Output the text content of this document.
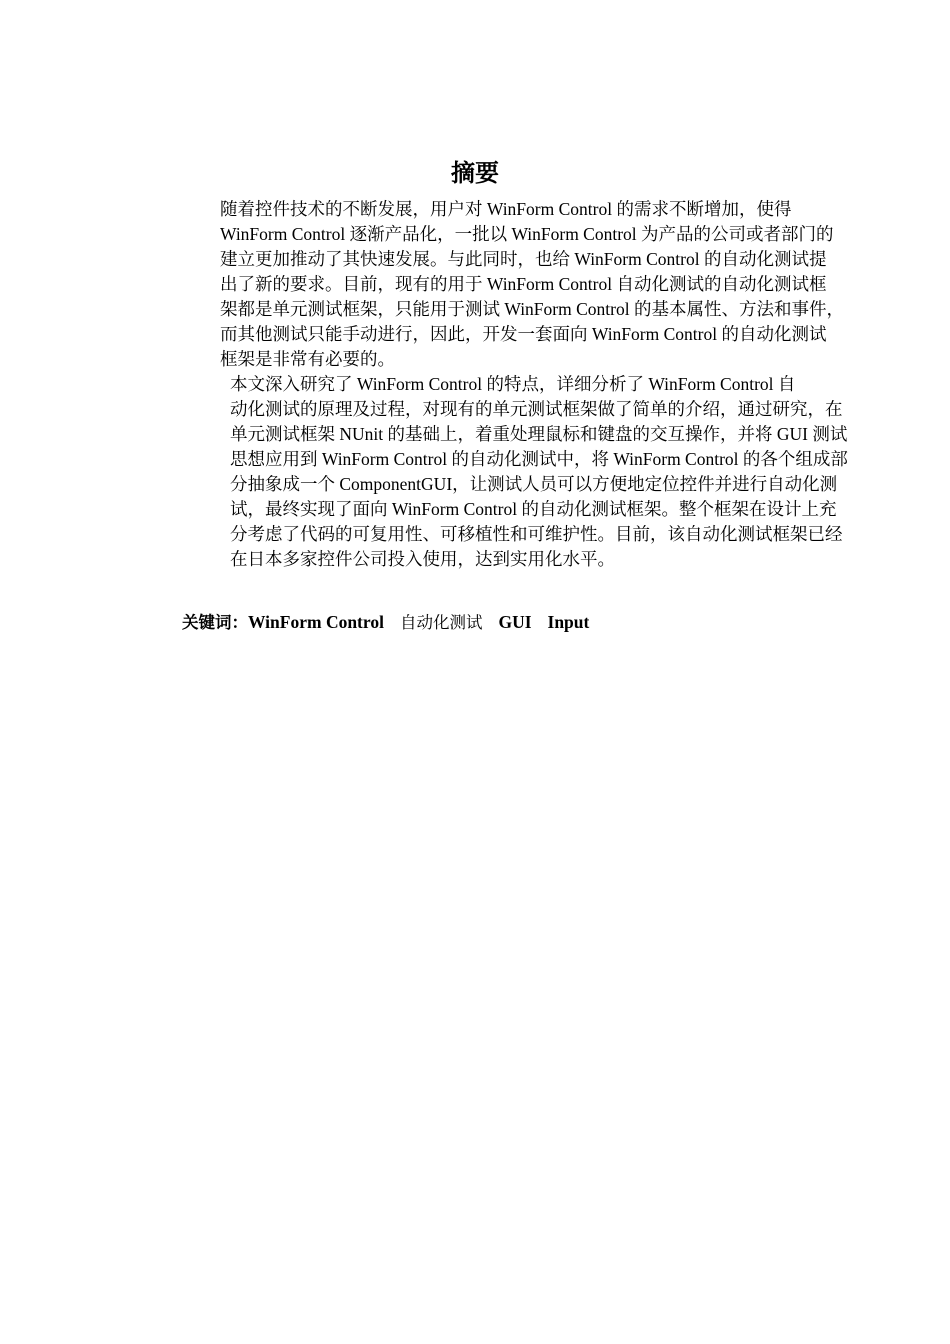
摘要

随着控件技术的不断发展，用户对 WinForm Control 的需求不断增加，使得
WinForm Control 逐渐产品化，一批以 WinForm Control 为产品的公司或者部门的
建立更加推动了其快速发展。与此同时，也给 WinForm Control 的自动化测试提
出了新的要求。目前，现有的用于 WinForm Control 自动化测试的自动化测试框
架都是单元测试框架，只能用于测试 WinForm Control 的基本属性、方法和事件，
而其他测试只能手动进行，因此，开发一套面向 WinForm Control 的自动化测试
框架是非常有必要的。

本文深入研究了 WinForm Control 的特点，详细分析了 WinForm Control 自
动化测试的原理及过程，对现有的单元测试框架做了简单的介绍，通过研究，在
单元测试框架 NUnit 的基础上，着重处理鼠标和键盘的交互操作，并将 GUI 测试
思想应用到 WinForm Control 的自动化测试中，将 WinForm Control 的各个组成部
分抽象成一个 ComponentGUI，让测试人员可以方便地定位控件并进行自动化测
试，最终实现了面向 WinForm Control 的自动化测试框架。整个框架在设计上充
分考虑了代码的可复用性、可移植性和可维护性。目前，该自动化测试框架已经
在日本多家控件公司投入使用，达到实用化水平。

关键词：WinForm Control 自动化测试 GUI Input
